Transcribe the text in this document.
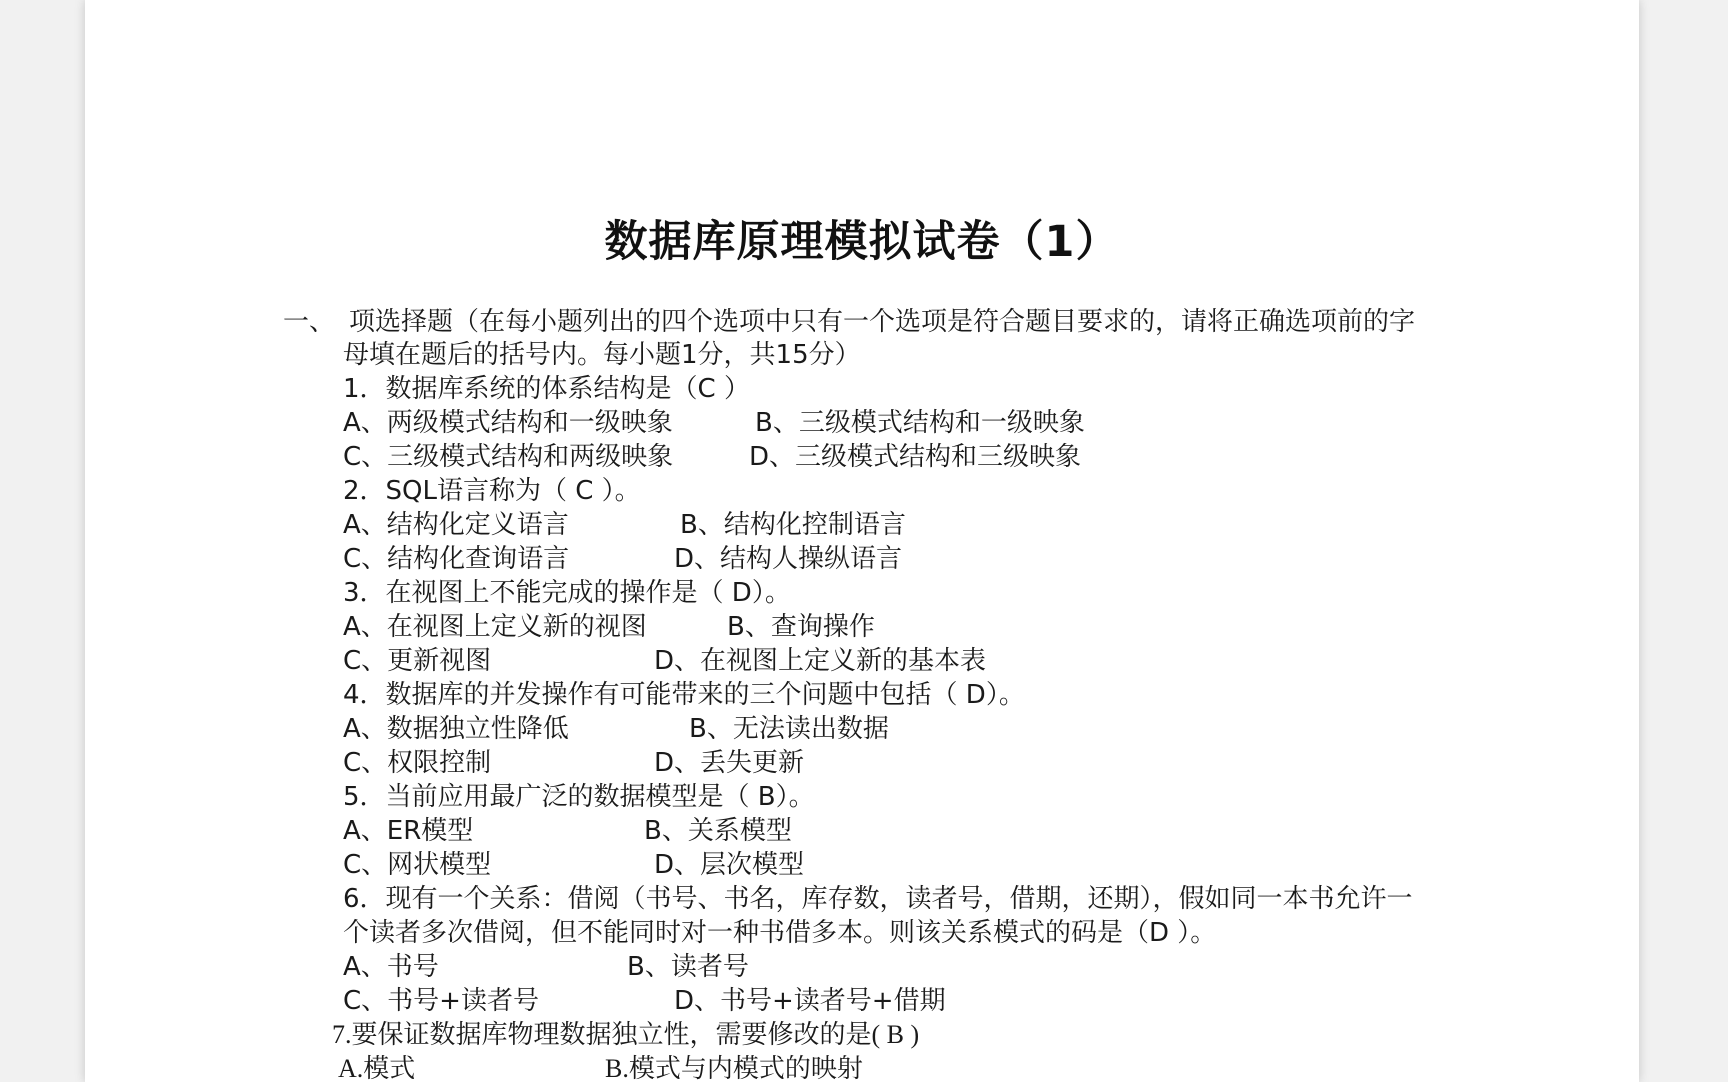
数据库原理模拟试卷（1）
一、 项选择题（在每小题列出的四个选项中只有一个选项是符合题目要求的，请将正确选项前的字
母填在题后的括号内。每小题1分，共15分）
1．数据库系统的体系结构是（C ）
A、两级模式结构和一级映象	B、三级模式结构和一级映象
C、三级模式结构和两级映象	D、三级模式结构和三级映象
2．SQL语言称为（ C ）。
A、结构化定义语言	B、结构化控制语言
C、结构化查询语言	D、结构人操纵语言
3．在视图上不能完成的操作是（ D）。
A、在视图上定义新的视图	B、查询操作
C、更新视图	D、在视图上定义新的基本表
4．数据库的并发操作有可能带来的三个问题中包括（ D）。
A、数据独立性降低	B、无法读出数据
C、权限控制	D、丢失更新
5．当前应用最广泛的数据模型是（ B）。
A、ER模型	B、关系模型
C、网状模型	D、层次模型
6．现有一个关系：借阅（书号、书名，库存数，读者号，借期，还期），假如同一本书允许一
个读者多次借阅，但不能同时对一种书借多本。则该关系模式的码是（D ）。
A、书号	B、读者号
C、书号+读者号	D、书号+读者号+借期
7.要保证数据库物理数据独立性，需要修改的是( B )
A.模式	B.模式与内模式的映射
